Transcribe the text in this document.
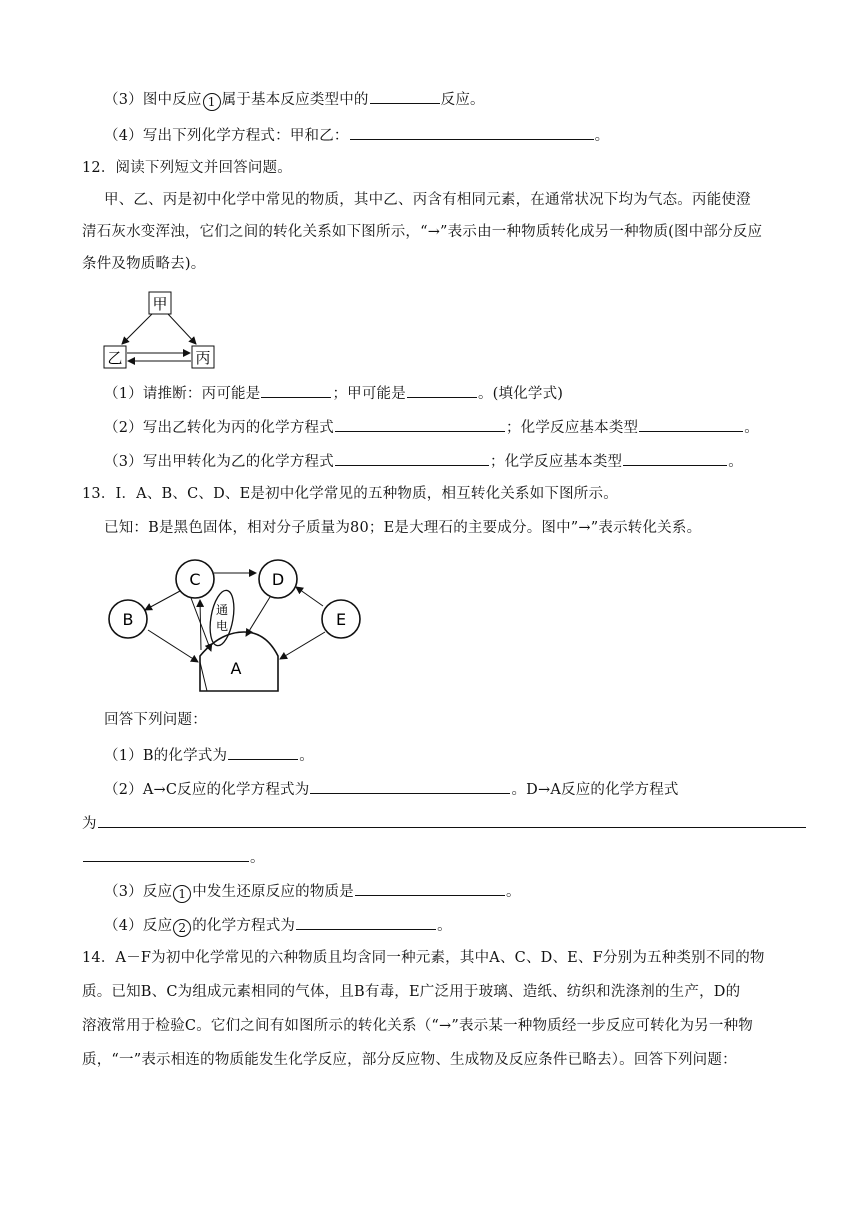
（3）图中反应 1 属于基本反应类型中的	反应。
（4）写出下列化学方程式：甲和乙：	。
12．阅读下列短文并回答问题。
甲、乙、丙是初中化学中常见的物质，其中乙、丙含有相同元素，在通常状况下均为气态。丙能使澄
清石灰水变浑浊，它们之间的转化关系如下图所示，“→”表示由一种物质转化成另一种物质(图中部分反应
条件及物质略去)。
甲
乙	丙
（1）请推断：丙可能是	；甲可能是	。(填化学式)
（2）写出乙转化为丙的化学方程式	；化学反应基本类型	。
（3）写出甲转化为乙的化学方程式	；化学反应基本类型	。
13．I．A、B、C、D、E是初中化学常见的五种物质，相互转化关系如下图所示。
已知：B是黑色固体，相对分子质量为80；E是大理石的主要成分。图中”→”表示转化关系。
C	D
B	E
A
通电
回答下列问题：
（1）B的化学式为	。
（2）A→C反应的化学方程式为	。D→A反应的化学方程式
为
。
（3）反应 1 中发生还原反应的物质是	。
（4）反应 2 的化学方程式为	。
14．A－F为初中化学常见的六种物质且均含同一种元素，其中A、C、D、E、F分别为五种类别不同的物
质。已知B、C为组成元素相同的气体，且B有毒，E广泛用于玻璃、造纸、纺织和洗涤剂的生产，D的
溶液常用于检验C。它们之间有如图所示的转化关系（“→”表示某一种物质经一步反应可转化为另一种物
质，“一”表示相连的物质能发生化学反应，部分反应物、生成物及反应条件已略去）。回答下列问题：
